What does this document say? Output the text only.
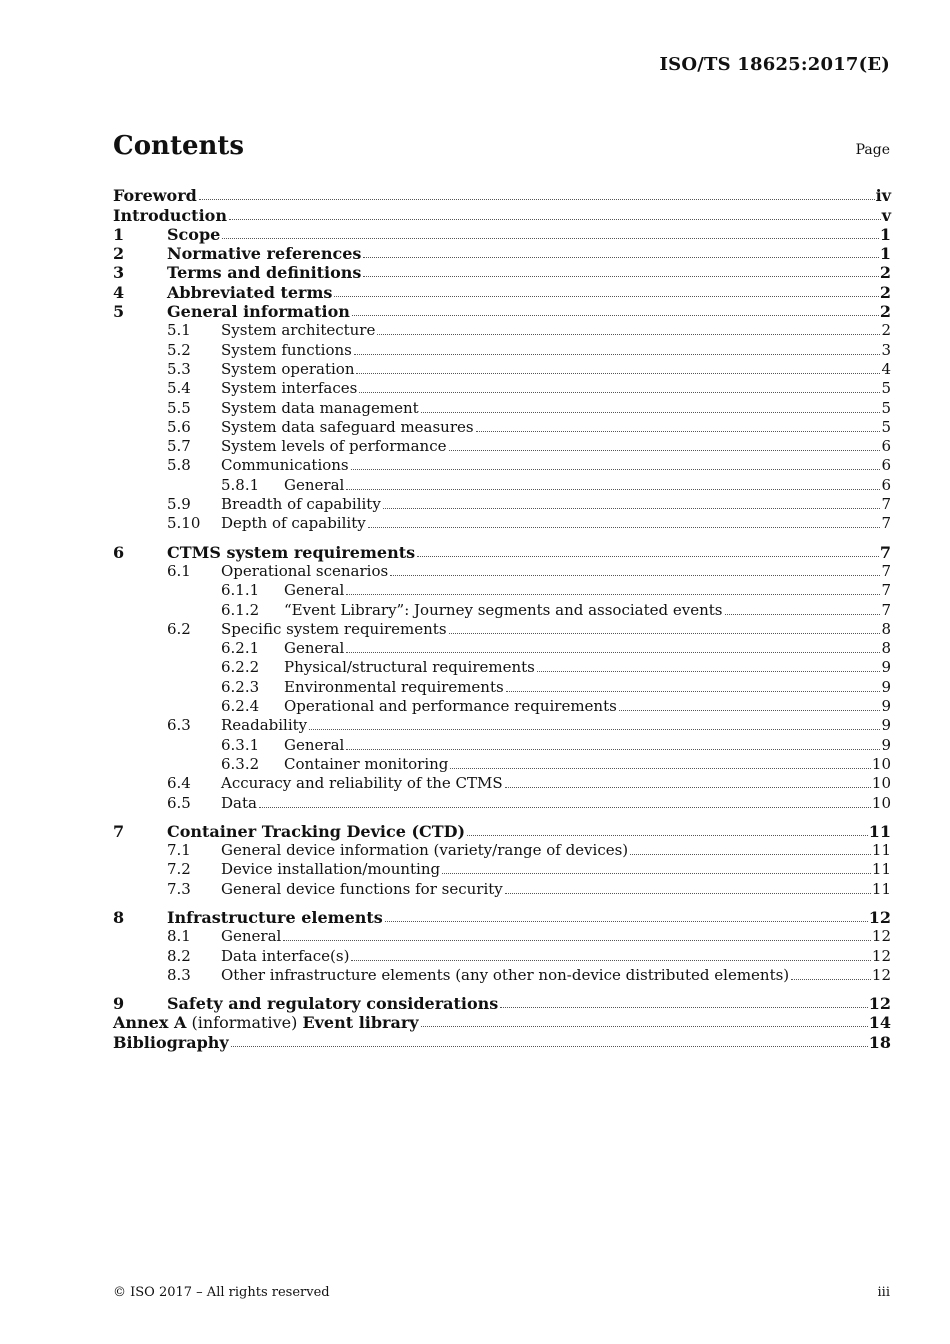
ISO/TS 18625:2017(E)
Contents	Page
Foreword	iv
Introduction	v
1	Scope	1
2	Normative references	1
3	Terms and definitions	2
4	Abbreviated terms	2
5	General information	2
5.1	System architecture	2
5.2	System functions	3
5.3	System operation	4
5.4	System interfaces	5
5.5	System data management	5
5.6	System data safeguard measures	5
5.7	System levels of performance	6
5.8	Communications	6
5.8.1	General	6
5.9	Breadth of capability	7
5.10	Depth of capability	7
6	CTMS system requirements	7
6.1	Operational scenarios	7
6.1.1	General	7
6.1.2	“Event Library”: Journey segments and associated events	7
6.2	Specific system requirements	8
6.2.1	General	8
6.2.2	Physical/structural requirements	9
6.2.3	Environmental requirements	9
6.2.4	Operational and performance requirements	9
6.3	Readability	9
6.3.1	General	9
6.3.2	Container monitoring	10
6.4	Accuracy and reliability of the CTMS	10
6.5	Data	10
7	Container Tracking Device (CTD)	11
7.1	General device information (variety/range of devices)	11
7.2	Device installation/mounting	11
7.3	General device functions for security	11
8	Infrastructure elements	12
8.1	General	12
8.2	Data interface(s)	12
8.3	Other infrastructure elements (any other non-device distributed elements)	12
9	Safety and regulatory considerations	12
Annex A (informative) Event library	14
Bibliography	18
© ISO 2017 – All rights reserved	iii
